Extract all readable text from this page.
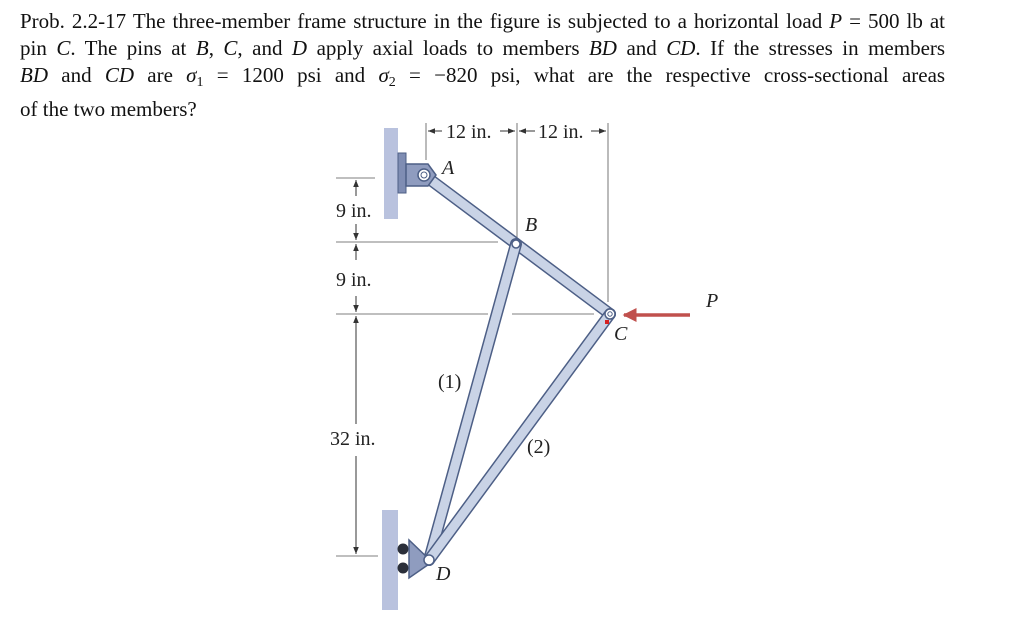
Prob. 2.2-17 The three-member frame structure in the figure is subjected to a horizontal load P = 500 lb at
pin C. The pins at B, C, and D apply axial loads to members BD and CD. If the stresses in members
BD and CD are $\sigma_1 = 1200$ psi and $\sigma_2 = -820$ psi, what are the respective cross-sectional areas
of the two members?
12 in. 12 in.
9 in.
9 in.
32 in.
A
B
C
D
P
(1)
(2)
